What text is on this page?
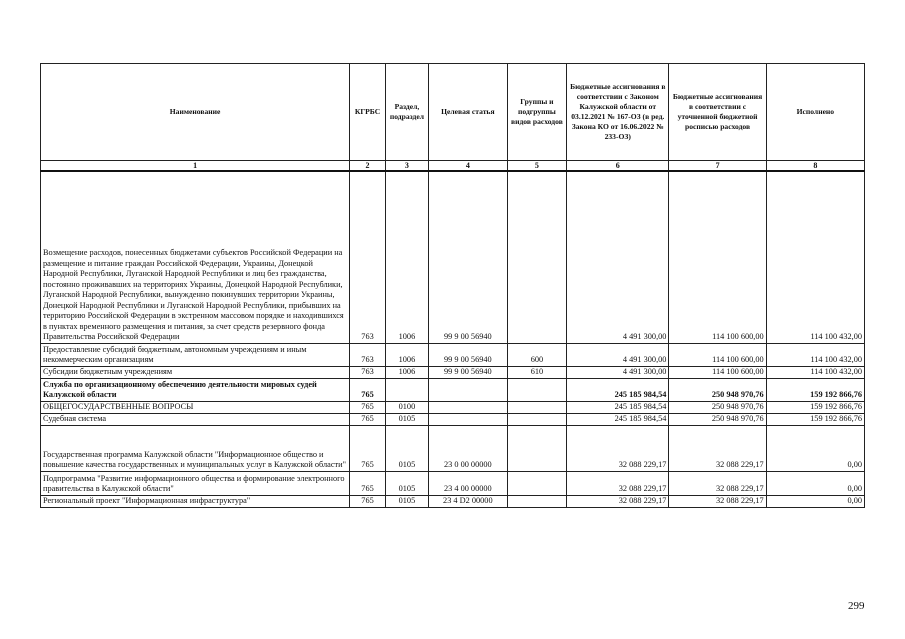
Наименование	КГРБС	Раздел, подраздел	Целевая статья	Группы и подгруппы видов расходов	Бюджетные ассигнования в соответствии с Законом Калужской области от 03.12.2021 № 167-ОЗ (в ред. Закона КО от 16.06.2022 № 233-ОЗ)	Бюджетные ассигнования в соответствии с уточненной бюджетной росписью расходов	Исполнено
1	2	3	4	5	6	7	8
Возмещение расходов, понесенных бюджетами субъектов Российской Федерации на размещение и питание граждан Российской Федерации, Украины, Донецкой Народной Республики, Луганской Народной Республики и лиц без гражданства, постоянно проживавших на территориях Украины, Донецкой Народной Республики, Луганской Народной Республики, вынужденно покинувших территории Украины, Донецкой Народной Республики и Луганской Народной Республики, прибывших на территорию Российской Федерации в экстренном массовом порядке и находившихся в пунктах временного размещения и питания, за счет средств резервного фонда Правительства Российской Федерации	763	1006	99 9 00 56940		4 491 300,00	114 100 600,00	114 100 432,00
Предоставление субсидий бюджетным, автономным учреждениям и иным некоммерческим организациям	763	1006	99 9 00 56940	600	4 491 300,00	114 100 600,00	114 100 432,00
Субсидии бюджетным учреждениям	763	1006	99 9 00 56940	610	4 491 300,00	114 100 600,00	114 100 432,00
Служба по организационному обеспечению деятельности мировых судей Калужской области	765				245 185 984,54	250 948 970,76	159 192 866,76
ОБЩЕГОСУДАРСТВЕННЫЕ ВОПРОСЫ	765	0100			245 185 984,54	250 948 970,76	159 192 866,76
Судебная система	765	0105			245 185 984,54	250 948 970,76	159 192 866,76
Государственная программа Калужской области "Информационное общество и повышение качества государственных и муниципальных услуг в Калужской области"	765	0105	23 0 00 00000		32 088 229,17	32 088 229,17	0,00
Подпрограмма "Развитие информационного общества и формирование электронного правительства в Калужской области"	765	0105	23 4 00 00000		32 088 229,17	32 088 229,17	0,00
Региональный проект "Информационная инфраструктура"	765	0105	23 4 D2 00000		32 088 229,17	32 088 229,17	0,00
299
